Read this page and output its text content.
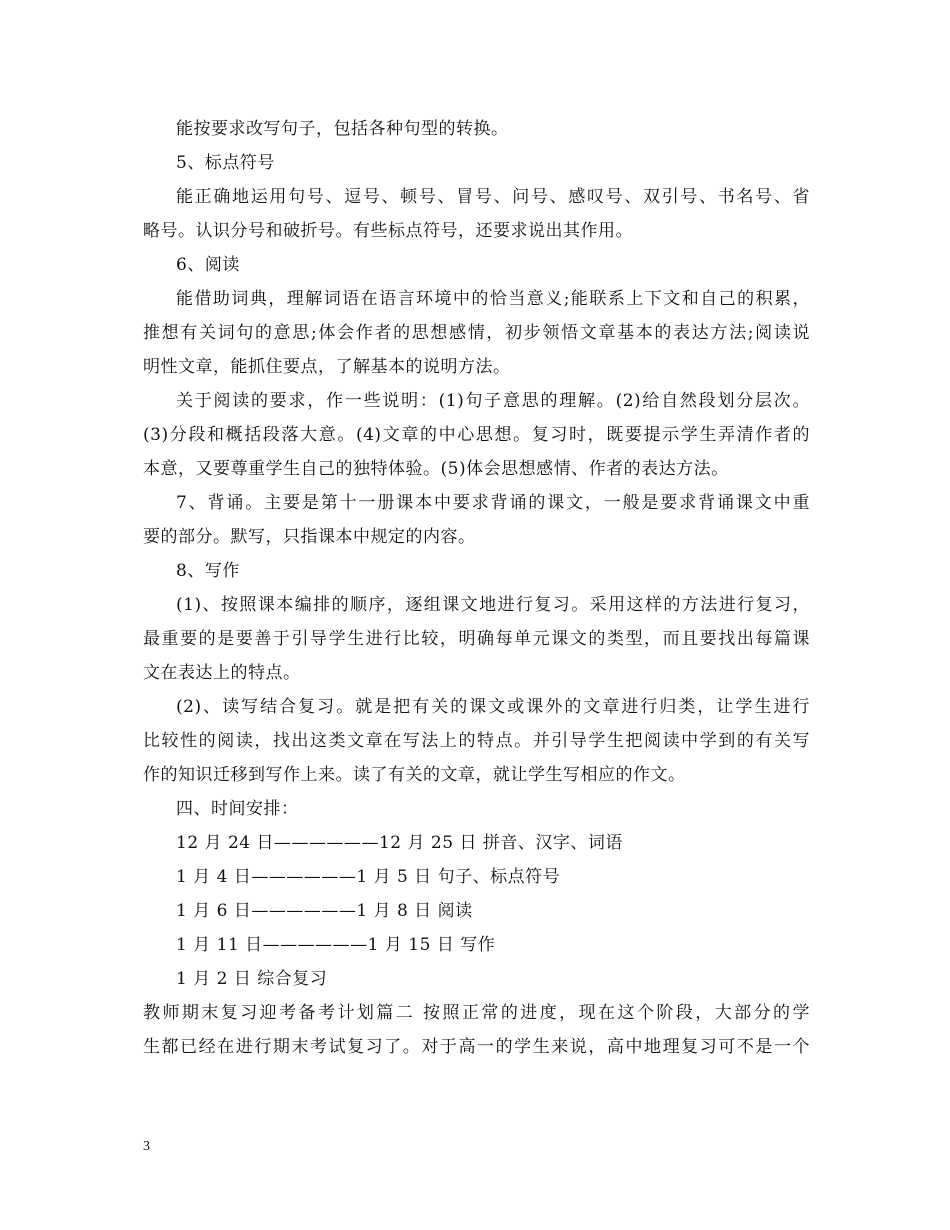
能按要求改写句子，包括各种句型的转换。
5、标点符号
能正确地运用句号、逗号、顿号、冒号、问号、感叹号、双引号、书名号、省
略号。认识分号和破折号。有些标点符号，还要求说出其作用。
6、阅读
能借助词典，理解词语在语言环境中的恰当意义;能联系上下文和自己的积累，
推想有关词句的意思;体会作者的思想感情，初步领悟文章基本的表达方法;阅读说
明性文章，能抓住要点，了解基本的说明方法。
关于阅读的要求，作一些说明：(1)句子意思的理解。(2)给自然段划分层次。
(3)分段和概括段落大意。(4)文章的中心思想。复习时，既要提示学生弄清作者的
本意，又要尊重学生自己的独特体验。(5)体会思想感情、作者的表达方法。
7、背诵。主要是第十一册课本中要求背诵的课文，一般是要求背诵课文中重
要的部分。默写，只指课本中规定的内容。
8、写作
(1)、按照课本编排的顺序，逐组课文地进行复习。采用这样的方法进行复习，
最重要的是要善于引导学生进行比较，明确每单元课文的类型，而且要找出每篇课
文在表达上的特点。
(2)、读写结合复习。就是把有关的课文或课外的文章进行归类，让学生进行
比较性的阅读，找出这类文章在写法上的特点。并引导学生把阅读中学到的有关写
作的知识迁移到写作上来。读了有关的文章，就让学生写相应的作文。
四、时间安排：
12 月 24 日——————12 月 25 日 拼音、汉字、词语
1 月 4 日——————1 月 5 日 句子、标点符号
1 月 6 日——————1 月 8 日 阅读
1 月 11 日——————1 月 15 日 写作
1 月 2 日 综合复习
教师期末复习迎考备考计划篇二 按照正常的进度，现在这个阶段，大部分的学
生都已经在进行期末考试复习了。对于高一的学生来说，高中地理复习可不是一个
3
